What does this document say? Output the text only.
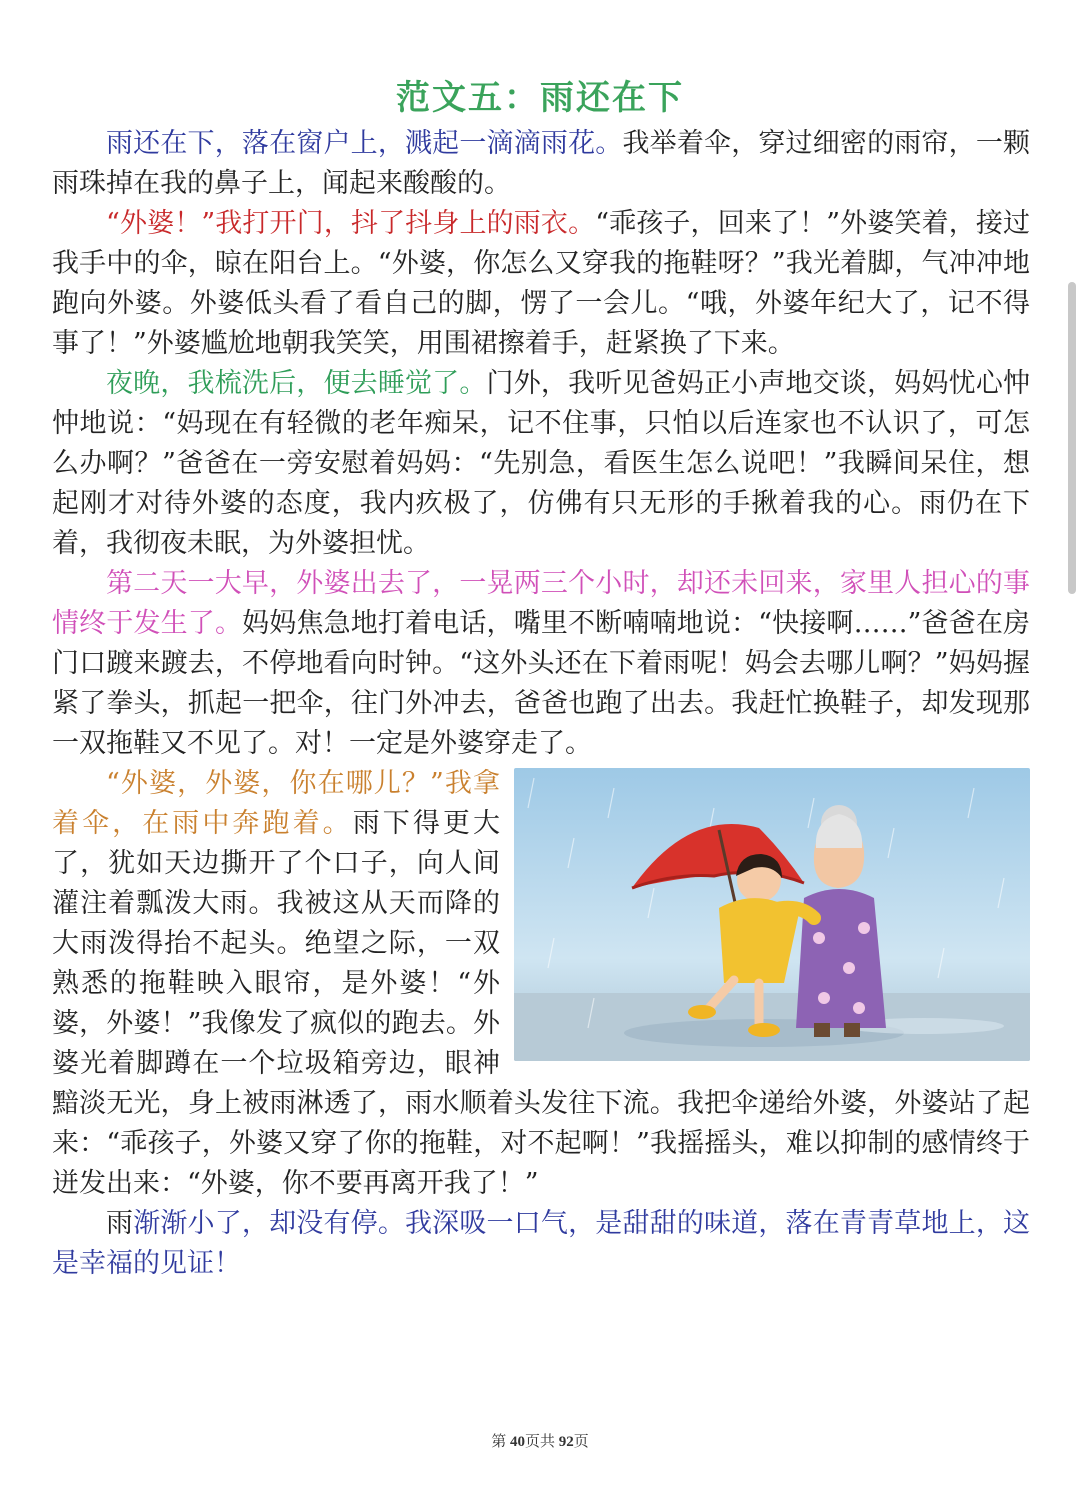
范文五：雨还在下

雨还在下，落在窗户上，溅起一滴滴雨花。我举着伞，穿过细密的雨帘，一颗雨珠掉在我的鼻子上，闻起来酸酸的。

“外婆！”我打开门，抖了抖身上的雨衣。“乖孩子，回来了！”外婆笑着，接过我手中的伞，晾在阳台上。“外婆，你怎么又穿我的拖鞋呀？”我光着脚，气冲冲地跑向外婆。外婆低头看了看自己的脚，愣了一会儿。“哦，外婆年纪大了，记不得事了！”外婆尴尬地朝我笑笑，用围裙擦着手，赶紧换了下来。

夜晚，我梳洗后，便去睡觉了。门外，我听见爸妈正小声地交谈，妈妈忧心忡忡地说：“妈现在有轻微的老年痴呆，记不住事，只怕以后连家也不认识了，可怎么办啊？”爸爸在一旁安慰着妈妈：“先别急，看医生怎么说吧！”我瞬间呆住，想起刚才对待外婆的态度，我内疚极了，仿佛有只无形的手揪着我的心。雨仍在下着，我彻夜未眠，为外婆担忧。

第二天一大早，外婆出去了，一晃两三个小时，却还未回来，家里人担心的事情终于发生了。妈妈焦急地打着电话，嘴里不断喃喃地说：“快接啊……”爸爸在房门口踱来踱去，不停地看向时钟。“这外头还在下着雨呢！妈会去哪儿啊？”妈妈握紧了拳头，抓起一把伞，往门外冲去，爸爸也跑了出去。我赶忙换鞋子，却发现那一双拖鞋又不见了。对！一定是外婆穿走了。

“外婆，外婆，你在哪儿？”我拿着伞，在雨中奔跑着。雨下得更大了，犹如天边撕开了个口子，向人间灌注着瓢泼大雨。我被这从天而降的大雨泼得抬不起头。绝望之际，一双熟悉的拖鞋映入眼帘，是外婆！“外婆，外婆！”我像发了疯似的跑去。外婆光着脚蹲在一个垃圾箱旁边，眼神黯淡无光，身上被雨淋透了，雨水顺着头发往下流。我把伞递给外婆，外婆站了起来：“乖孩子，外婆又穿了你的拖鞋，对不起啊！”我摇摇头，难以抑制的感情终于迸发出来：“外婆，你不要再离开我了！”

雨渐渐小了，却没有停。我深吸一口气，是甜甜的味道，落在青青草地上，这是幸福的见证！

第 40页共 92页
